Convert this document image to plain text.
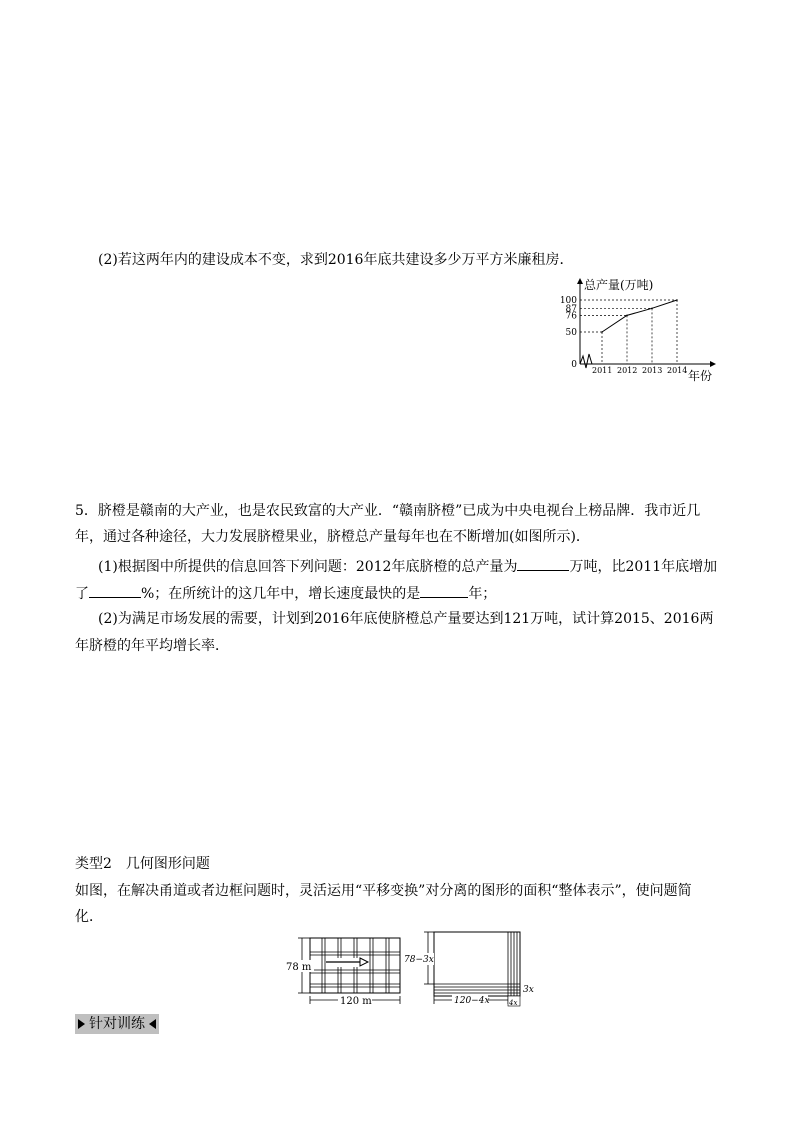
(2)若这两年内的建设成本不变，求到2016年底共建设多少万平方米廉租房．
2011 2012 2013 2014
0
50
76
87
100
总产量(万吨)
年份
5．脐橙是赣南的大产业，也是农民致富的大产业．“赣南脐橙”已成为中央电视台上榜品牌．我市近几
年，通过各种途径，大力发展脐橙果业，脐橙总产量每年也在不断增加(如图所示)．
(1)根据图中所提供的信息回答下列问题：2012年底脐橙的总产量为	万吨，比2011年底增加
了	%；在所统计的这几年中，增长速度最快的是	年；
(2)为满足市场发展的需要，计划到2016年底使脐橙总产量要达到121万吨，试计算2015、2016两
年脐橙的年平均增长率．
类型2　几何图形问题
如图，在解决甬道或者边框问题时，灵活运用“平移变换”对分离的图形的面积“整体表示”，使问题简
化．
78 m
120 m
78−3x
120−4x
3x
4x
针对训练
